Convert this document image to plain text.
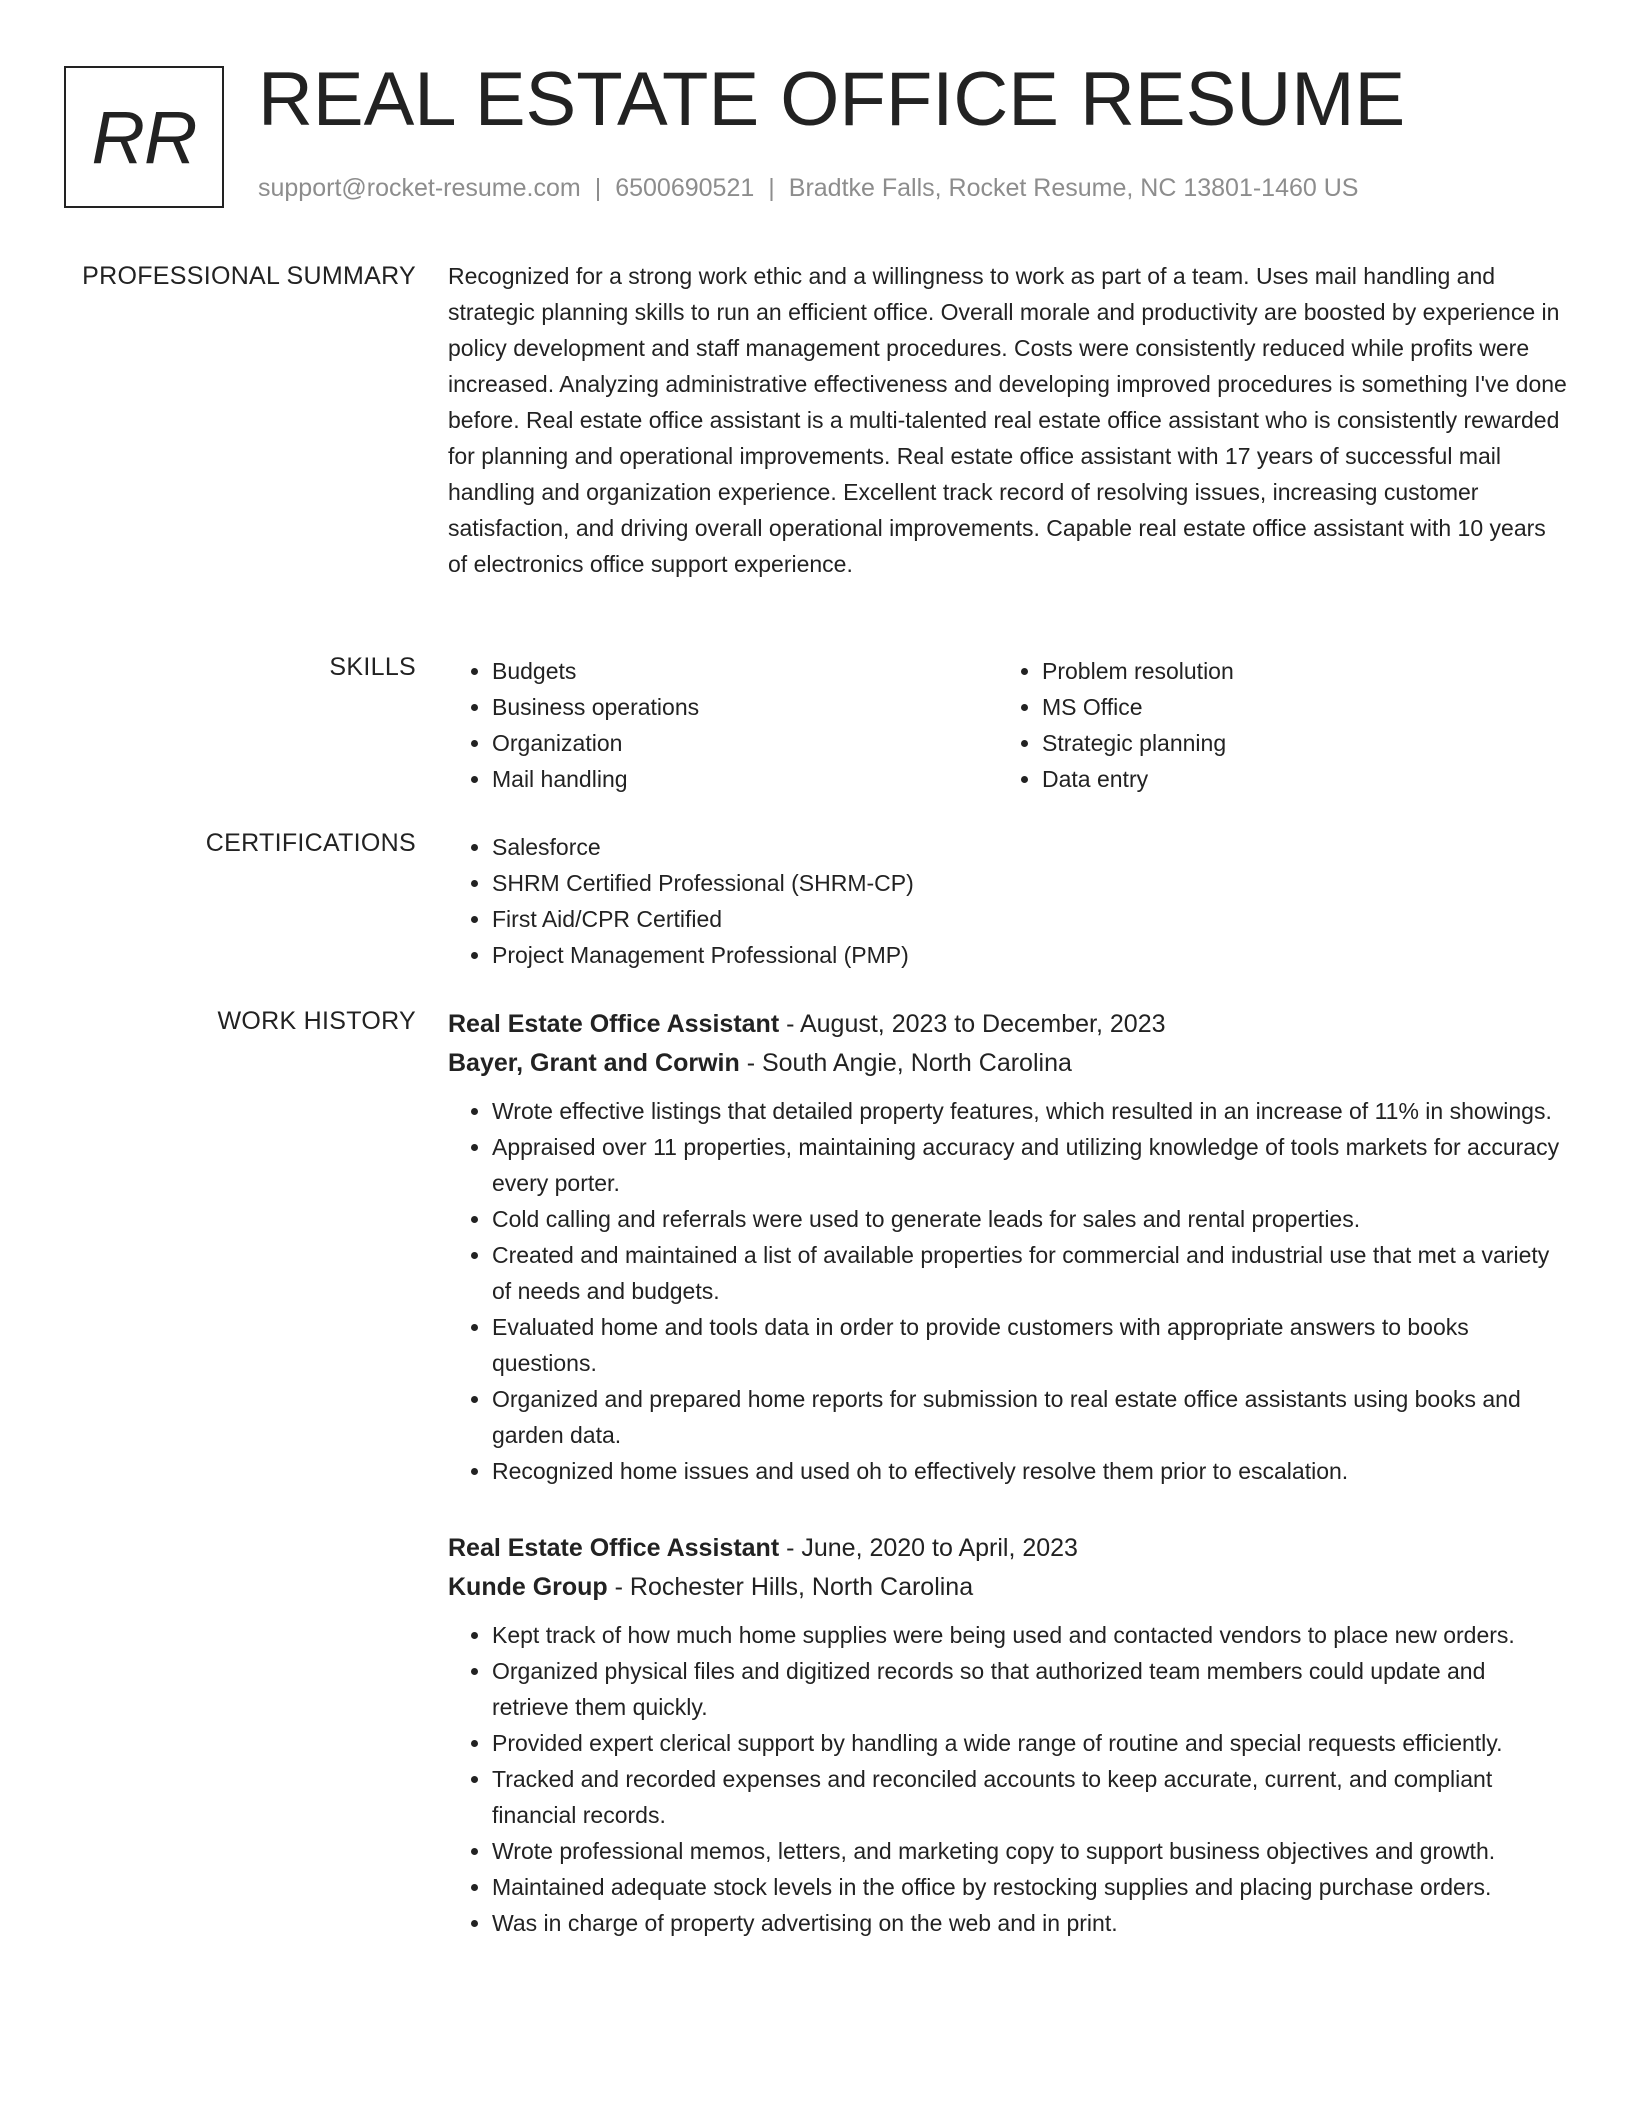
RR REAL ESTATE OFFICE RESUME
support@rocket-resume.com | 6500690521 | Bradtke Falls, Rocket Resume, NC 13801-1460 US
PROFESSIONAL SUMMARY Recognized for a strong work ethic and a willingness to work as part of a team. Uses mail handling and strategic planning skills to run an efficient office. Overall morale and productivity are boosted by experience in policy development and staff management procedures. Costs were consistently reduced while profits were increased. Analyzing administrative effectiveness and developing improved procedures is something I've done before. Real estate office assistant is a multi-talented real estate office assistant who is consistently rewarded for planning and operational improvements. Real estate office assistant with 17 years of successful mail handling and organization experience. Excellent track record of resolving issues, increasing customer satisfaction, and driving overall operational improvements. Capable real estate office assistant with 10 years of electronics office support experience.

SKILLS	• Budgets
• Business operations
• Organization
• Mail handling
• Problem resolution
• MS Office
• Strategic planning
• Data entry
CERTIFICATIONS	• Salesforce
• SHRM Certified Professional (SHRM-CP)
• First Aid/CPR Certified
• Project Management Professional (PMP)
WORK HISTORY Real Estate Office Assistant - August, 2023 to December, 2023
Bayer, Grant and Corwin - South Angie, North Carolina
• Wrote effective listings that detailed property features, which resulted in an increase of 11% in showings.
• Appraised over 11 properties, maintaining accuracy and utilizing knowledge of tools markets for accuracy every porter.
• Cold calling and referrals were used to generate leads for sales and rental properties.
• Created and maintained a list of available properties for commercial and industrial use that met a variety of needs and budgets.
• Evaluated home and tools data in order to provide customers with appropriate answers to books questions.
• Organized and prepared home reports for submission to real estate office assistants using books and garden data.
• Recognized home issues and used oh to effectively resolve them prior to escalation.
Real Estate Office Assistant - June, 2020 to April, 2023
Kunde Group - Rochester Hills, North Carolina
• Kept track of how much home supplies were being used and contacted vendors to place new orders.
• Organized physical files and digitized records so that authorized team members could update and retrieve them quickly.
• Provided expert clerical support by handling a wide range of routine and special requests efficiently.
• Tracked and recorded expenses and reconciled accounts to keep accurate, current, and compliant financial records.
• Wrote professional memos, letters, and marketing copy to support business objectives and growth.
• Maintained adequate stock levels in the office by restocking supplies and placing purchase orders.
• Was in charge of property advertising on the web and in print.
